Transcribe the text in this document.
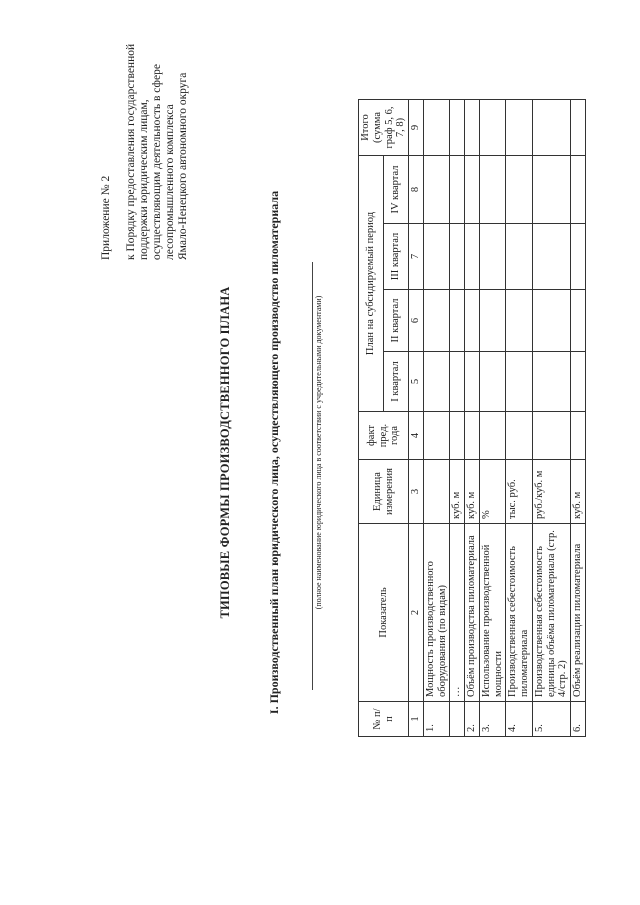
Приложение № 2 к Порядку предоставления государственной поддержки юридическим лицам, осуществляющим деятельность в сфере лесопромышленного комплекса Ямало-Ненецкого автономного округа
ТИПОВЫЕ ФОРМЫ ПРОИЗВОДСТВЕННОГО ПЛАНА	I. Производственный план юридического лица, осуществляющего производство пиломатериала	(полное наименование юридического лица в соответствии с учредительными документами)
№ п/п	Показатель	Единица измерения	факт пред. года	План на субсидируемый период				Итого (сумма граф 5, 6, 7, 8)
				I квартал	II квартал	III квартал	IV квартал	
1	2	3	4	5	6	7	8	9
1.	Мощность производственного оборудования (по видам)							
	…	куб. м						
2.	Объём производства пиломатериала	куб. м						
3.	Использование производственной мощности	%						
4.	Производственная себестоимость пиломатериала	тыс. руб.						
5.	Производственная себестоимость единицы объёма пиломатериала (стр. 4/стр. 2)	руб./куб. м						
6.	Объём реализации пиломатериала	куб. м						
